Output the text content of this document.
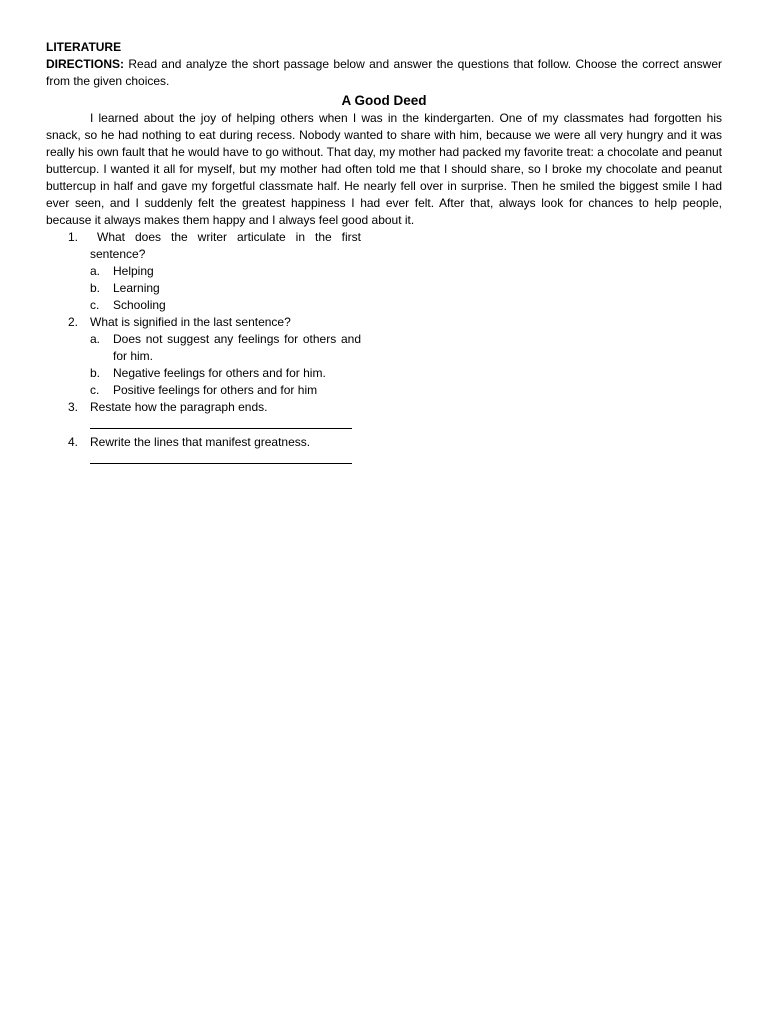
LITERATURE
DIRECTIONS: Read and analyze the short passage below and answer the questions that follow. Choose the correct answer from the given choices.
A Good Deed
I learned about the joy of helping others when I was in the kindergarten. One of my classmates had forgotten his snack, so he had nothing to eat during recess. Nobody wanted to share with him, because we were all very hungry and it was really his own fault that he would have to go without. That day, my mother had packed my favorite treat: a chocolate and peanut buttercup. I wanted it all for myself, but my mother had often told me that I should share, so I broke my chocolate and peanut buttercup in half and gave my forgetful classmate half. He nearly fell over in surprise. Then he smiled the biggest smile I had ever seen, and I suddenly felt the greatest happiness I had ever felt. After that, always look for chances to help people, because it always makes them happy and I always feel good about it.
1.	What does the writer articulate in the first sentence?
a. Helping
b. Learning
c. Schooling
2. What is signified in the last sentence?
a. Does not suggest any feelings for others and for him.
b. Negative feelings for others and for him.
c. Positive feelings for others and for him
3. Restate how the paragraph ends.
4. Rewrite the lines that manifest greatness.
